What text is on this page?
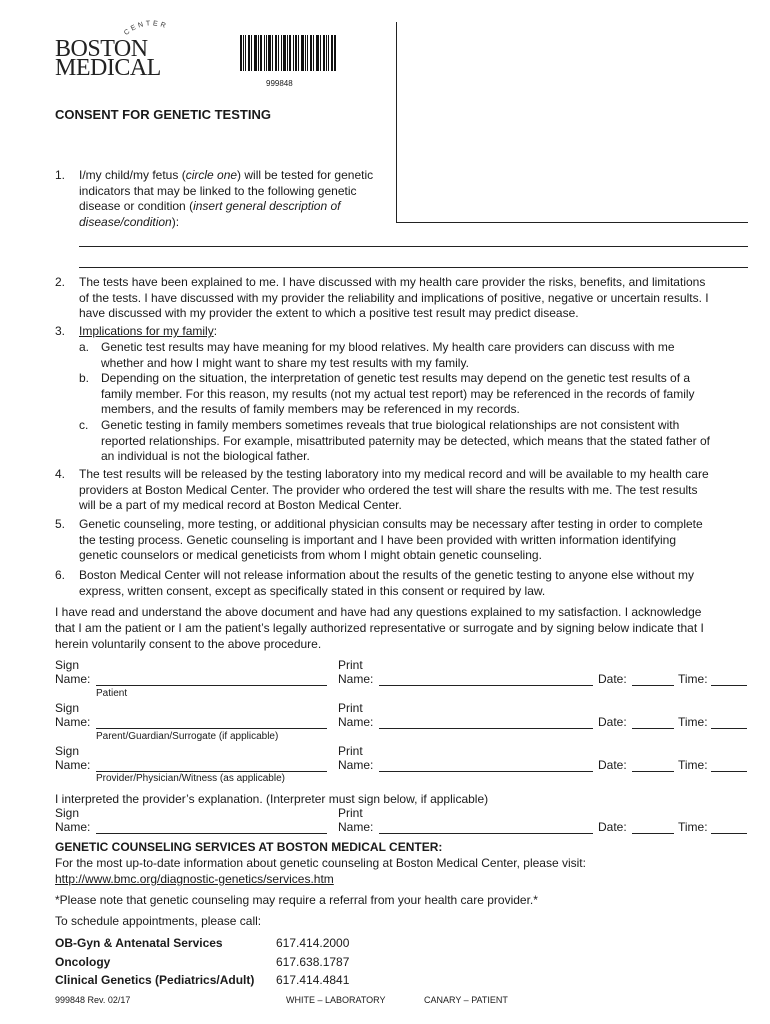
CENTER
BOSTON
MEDICAL
999848
CONSENT FOR GENETIC TESTING
1. I/my child/my fetus (circle one) will be tested for genetic indicators that may be linked to the following genetic disease or condition (insert general description of disease/condition):
2. The tests have been explained to me. I have discussed with my health care provider the risks, benefits, and limitations
of the tests. I have discussed with my provider the reliability and implications of positive, negative or uncertain results. I
have discussed with my provider the extent to which a positive test result may predict disease.
3. Implications for my family:
a. Genetic test results may have meaning for my blood relatives. My health care providers can discuss with me
whether and how I might want to share my test results with my family.
b. Depending on the situation, the interpretation of genetic test results may depend on the genetic test results of a
family member. For this reason, my results (not my actual test report) may be referenced in the records of family
members, and the results of family members may be referenced in my records.
c. Genetic testing in family members sometimes reveals that true biological relationships are not consistent with
reported relationships. For example, misattributed paternity may be detected, which means that the stated father of
an individual is not the biological father.
4. The test results will be released by the testing laboratory into my medical record and will be available to my health care
providers at Boston Medical Center. The provider who ordered the test will share the results with me. The test results
will be a part of my medical record at Boston Medical Center.
5. Genetic counseling, more testing, or additional physician consults may be necessary after testing in order to complete
the testing process. Genetic counseling is important and I have been provided with written information identifying
genetic counselors or medical geneticists from whom I might obtain genetic counseling.
6. Boston Medical Center will not release information about the results of the genetic testing to anyone else without my
express, written consent, except as specifically stated in this consent or required by law.
I have read and understand the above document and have had any questions explained to my satisfaction. I acknowledge
that I am the patient or I am the patient’s legally authorized representative or surrogate and by signing below indicate that I
herein voluntarily consent to the above procedure.
Sign
Name:
Print
Name:	Date:	Time:
Patient
Sign
Name:
Print
Name:	Date:	Time:
Parent/Guardian/Surrogate (if applicable)
Sign
Name:
Print
Name:	Date:	Time:
Provider/Physician/Witness (as applicable)
I interpreted the provider’s explanation. (Interpreter must sign below, if applicable)
Sign
Name:
Print
Name:	Date:	Time:
GENETIC COUNSELING SERVICES AT BOSTON MEDICAL CENTER:
For the most up-to-date information about genetic counseling at Boston Medical Center, please visit:
http://www.bmc.org/diagnostic-genetics/services.htm
*Please note that genetic counseling may require a referral from your health care provider.*
To schedule appointments, please call:
OB-Gyn & Antenatal Services	617.414.2000
Oncology	617.638.1787
Clinical Genetics (Pediatrics/Adult) 617.414.4841
999848 Rev. 02/17	WHITE – LABORATORY	CANARY – PATIENT
